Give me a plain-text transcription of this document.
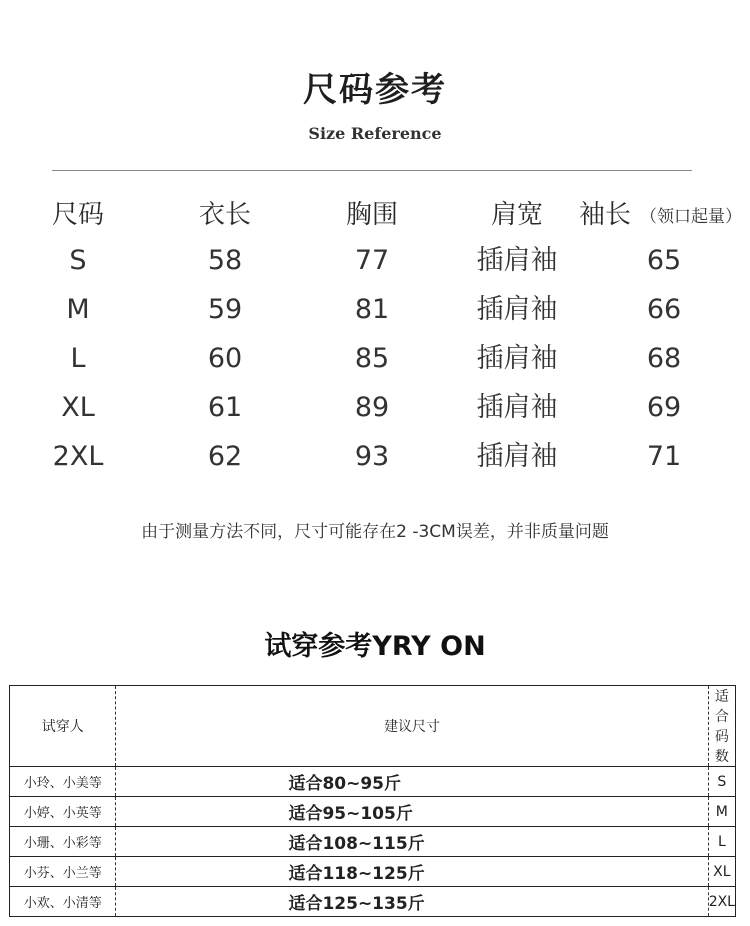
尺码参考
Size Reference
尺码	衣长	胸围	肩宽	袖长 （领口起量）
S	58	77	插肩袖	65
M	59	81	插肩袖	66
L	60	85	插肩袖	68
XL	61	89	插肩袖	69
2XL	62	93	插肩袖	71
由于测量方法不同，尺寸可能存在2 -3CM误差，并非质量问题
试穿参考YRY ON
试穿人	建议尺寸	适合码数
小玲、小美等	适合80~95斤	S
小婷、小英等	适合95~105斤	M
小珊、小彩等	适合108~115斤	L
小芬、小兰等	适合118~125斤	XL
小欢、小清等	适合125~135斤	2XL
